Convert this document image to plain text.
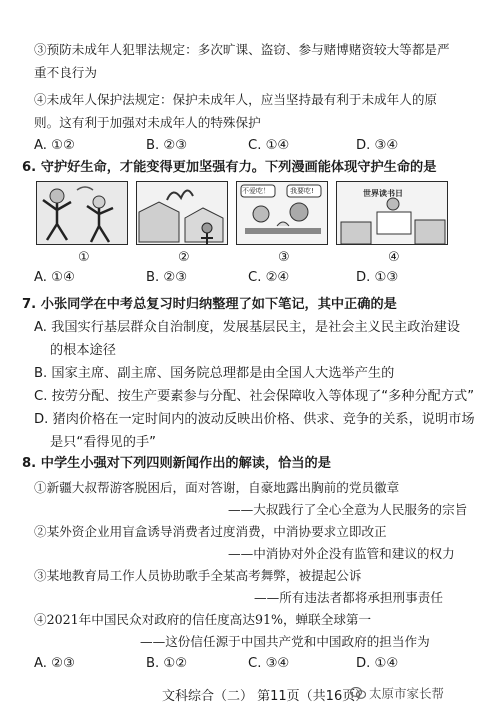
③预防未成年人犯罪法规定：多次旷课、盗窃、参与赌博赌资较大等都是严
重不良行为
④未成年人保护法规定：保护未成年人，应当坚持最有利于未成年人的原
则。这有利于加强对未成年人的特殊保护
A. ①②	B. ②③	C. ①④	D. ③④
6. 守护好生命，才能变得更加坚强有力。下列漫画能体现守护生命的是
不爱吃！	我要吃!	世界读书日
①	②	③	④
A. ①④	B. ②③	C. ②④	D. ①③
7. 小张同学在中考总复习时归纳整理了如下笔记，其中正确的是
A. 我国实行基层群众自治制度，发展基层民主，是社会主义民主政治建设
的根本途径
B. 国家主席、副主席、国务院总理都是由全国人大选举产生的
C. 按劳分配、按生产要素参与分配、社会保障收入等体现了“多种分配方式”
D. 猪肉价格在一定时间内的波动反映出价格、供求、竞争的关系，说明市场
是只“看得见的手”
8. 中学生小强对下列四则新闻作出的解读，恰当的是
①新疆大叔帮游客脱困后，面对答谢，自豪地露出胸前的党员徽章
——大叔践行了全心全意为人民服务的宗旨
②某外资企业用盲盒诱导消费者过度消费，中消协要求立即改正
——中消协对外企没有监管和建议的权力
③某地教育局工作人员协助歌手全某高考舞弊，被提起公诉
——所有违法者都将承担刑事责任
④2021年中国民众对政府的信任度高达91%，蝉联全球第一
——这份信任源于中国共产党和中国政府的担当作为
A. ②③	B. ①②	C. ③④	D. ①④
文科综合（二） 第11页（共16页） 太原市家长帮
